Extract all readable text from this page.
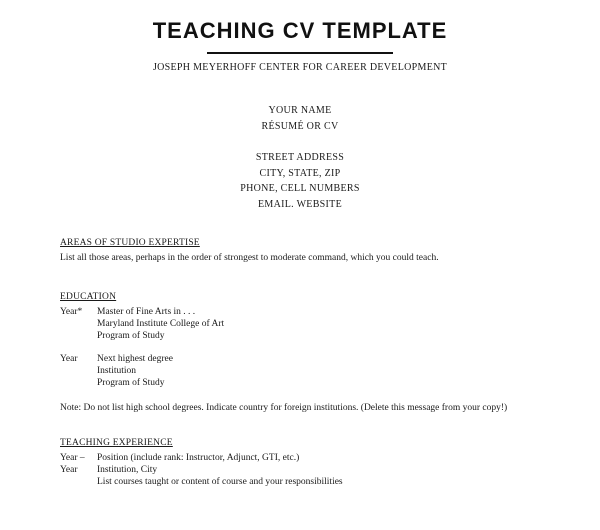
TEACHING CV TEMPLATE
JOSEPH MEYERHOFF CENTER FOR CAREER DEVELOPMENT
YOUR NAME
RÉSUMÉ OR CV
STREET ADDRESS
CITY, STATE, ZIP
PHONE, CELL NUMBERS
EMAIL. WEBSITE
AREAS OF STUDIO EXPERTISE
List all those areas, perhaps in the order of strongest to moderate command, which you could teach.
EDUCATION
Year* Master of Fine Arts in . . .
Maryland Institute College of Art
Program of Study
Year Next highest degree
Institution
Program of Study
Note: Do not list high school degrees. Indicate country for foreign institutions. (Delete this message from your copy!)
TEACHING EXPERIENCE
Year – Position (include rank: Instructor, Adjunct, GTI, etc.)
Year Institution, City
List courses taught or content of course and your responsibilities
